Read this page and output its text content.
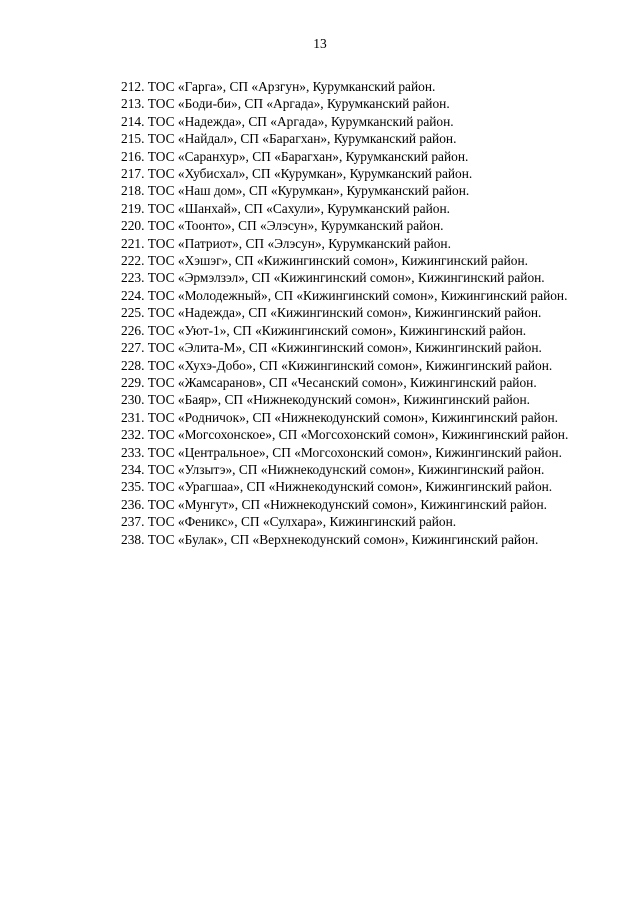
13

212. ТОС «Гарга», СП «Арзгун», Курумканский район.

213. ТОС «Боди-би», СП «Аргада», Курумканский район.

214. ТОС «Надежда», СП «Аргада», Курумканский район.

215. ТОС «Найдал», СП «Барагхан», Курумканский район.

216. ТОС «Саранхур», СП «Барагхан», Курумканский район.

217. ТОС «Хубисхал», СП «Курумкан», Курумканский район.

218. ТОС «Наш дом», СП «Курумкан», Курумканский район.

219. ТОС «Шанхай», СП «Сахули», Курумканский район.

220. ТОС «Тоонто», СП «Элэсун», Курумканский район.

221. ТОС «Патриот», СП «Элэсун», Курумканский район.

222. ТОС «Хэшэг», СП «Кижингинский сомон», Кижингинский район.

223. ТОС «Эрмэлзэл», СП «Кижингинский сомон», Кижингинский район.

224. ТОС «Молодежный», СП «Кижингинский сомон», Кижингинский район.

225. ТОС «Надежда», СП «Кижингинский сомон», Кижингинский район.

226. ТОС «Уют-1», СП «Кижингинский сомон», Кижингинский район.

227. ТОС «Элита-М», СП «Кижингинский сомон», Кижингинский район.

228. ТОС «Хухэ-Добо», СП «Кижингинский сомон», Кижингинский район.

229. ТОС «Жамсаранов», СП «Чесанский сомон», Кижингинский район.

230. ТОС «Баяр», СП «Нижнекодунский сомон», Кижингинский район.

231. ТОС «Родничок», СП «Нижнекодунский сомон», Кижингинский район.

232. ТОС «Могсохонское», СП «Могсохонский сомон», Кижингинский район.

233. ТОС «Центральное», СП «Могсохонский сомон», Кижингинский район.

234. ТОС «Улзытэ», СП «Нижнекодунский сомон», Кижингинский район.

235. ТОС «Урагшаа», СП «Нижнекодунский сомон», Кижингинский район.

236. ТОС «Мунгут», СП «Нижнекодунский сомон», Кижингинский район.

237. ТОС «Феникс», СП «Сулхара», Кижингинский район.

238. ТОС «Булак», СП «Верхнекодунский сомон», Кижингинский район.
